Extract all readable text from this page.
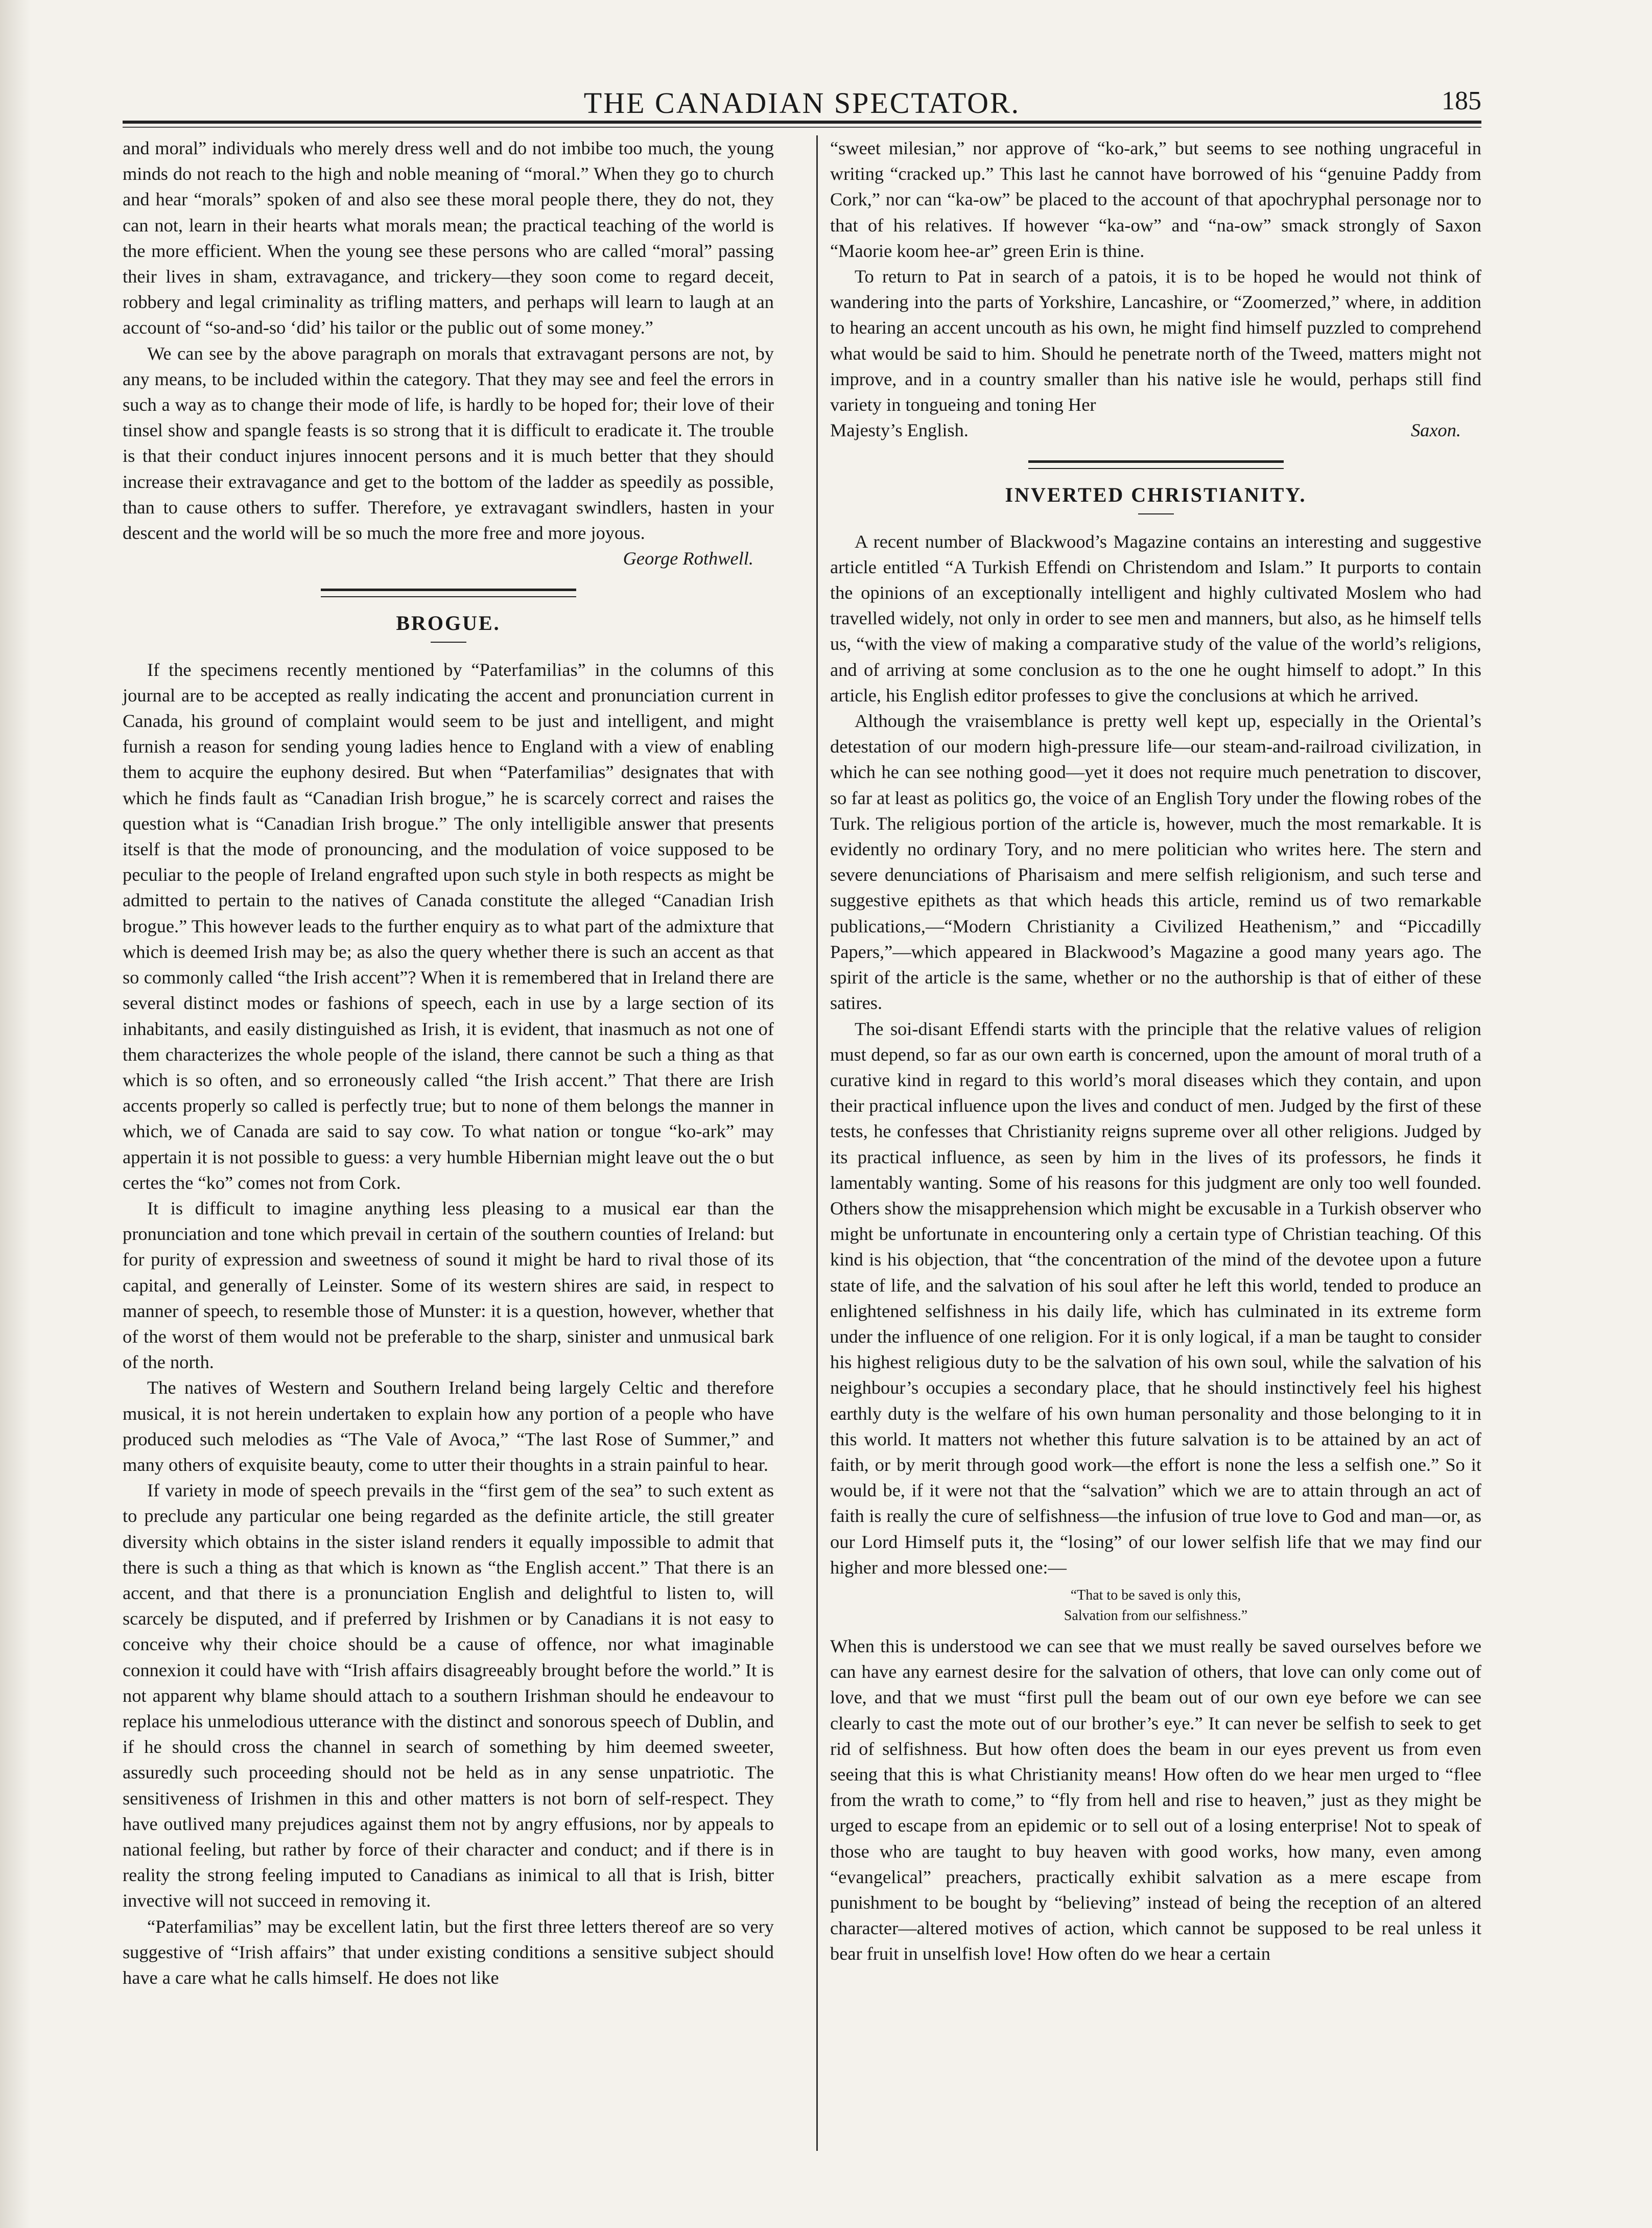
THE CANADIAN SPECTATOR.	185

and moral” individuals who merely dress well and do not imbibe too much, the young minds do not reach to the high and noble meaning of “moral.” When they go to church and hear “morals” spoken of and also see these moral people there, they do not, they can not, learn in their hearts what morals mean; the practical teaching of the world is the more efficient. When the young see these persons who are called “moral” passing their lives in sham, extravagance, and trickery—they soon come to regard deceit, robbery and legal criminality as trifling matters, and perhaps will learn to laugh at an account of “so-and-so ‘did’ his tailor or the public out of some money.”

We can see by the above paragraph on morals that extravagant persons are not, by any means, to be included within the category. That they may see and feel the errors in such a way as to change their mode of life, is hardly to be hoped for; their love of their tinsel show and spangle feasts is so strong that it is difficult to eradicate it. The trouble is that their conduct injures innocent persons and it is much better that they should increase their extravagance and get to the bottom of the ladder as speedily as possible, than to cause others to suffer. Therefore, ye extravagant swindlers, hasten in your descent and the world will be so much the more free and more joyous.

George Rothwell.
BROGUE.

If the specimens recently mentioned by “Paterfamilias” in the columns of this journal are to be accepted as really indicating the accent and pronunciation current in Canada, his ground of complaint would seem to be just and intelligent, and might furnish a reason for sending young ladies hence to England with a view of enabling them to acquire the euphony desired. But when “Paterfamilias” designates that with which he finds fault as “Canadian Irish brogue,” he is scarcely correct and raises the question what is “Canadian Irish brogue.” The only intelligible answer that presents itself is that the mode of pronouncing, and the modulation of voice supposed to be peculiar to the people of Ireland engrafted upon such style in both respects as might be admitted to pertain to the natives of Canada constitute the alleged “Canadian Irish brogue.” This however leads to the further enquiry as to what part of the admixture that which is deemed Irish may be; as also the query whether there is such an accent as that so commonly called “the Irish accent”? When it is remembered that in Ireland there are several distinct modes or fashions of speech, each in use by a large section of its inhabitants, and easily distinguished as Irish, it is evident, that inasmuch as not one of them characterizes the whole people of the island, there cannot be such a thing as that which is so often, and so erroneously called “the Irish accent.” That there are Irish accents properly so called is perfectly true; but to none of them belongs the manner in which, we of Canada are said to say cow. To what nation or tongue “ko-ark” may appertain it is not possible to guess: a very humble Hibernian might leave out the o but certes the “ko” comes not from Cork.

It is difficult to imagine anything less pleasing to a musical ear than the pronunciation and tone which prevail in certain of the southern counties of Ireland: but for purity of expression and sweetness of sound it might be hard to rival those of its capital, and generally of Leinster. Some of its western shires are said, in respect to manner of speech, to resemble those of Munster: it is a question, however, whether that of the worst of them would not be preferable to the sharp, sinister and unmusical bark of the north.

The natives of Western and Southern Ireland being largely Celtic and therefore musical, it is not herein undertaken to explain how any portion of a people who have produced such melodies as “The Vale of Avoca,” “The last Rose of Summer,” and many others of exquisite beauty, come to utter their thoughts in a strain painful to hear.

If variety in mode of speech prevails in the “first gem of the sea” to such extent as to preclude any particular one being regarded as the definite article, the still greater diversity which obtains in the sister island renders it equally impossible to admit that there is such a thing as that which is known as “the English accent.” That there is an accent, and that there is a pronunciation English and delightful to listen to, will scarcely be disputed, and if preferred by Irishmen or by Canadians it is not easy to conceive why their choice should be a cause of offence, nor what imaginable connexion it could have with “Irish affairs disagreeably brought before the world.” It is not apparent why blame should attach to a southern Irishman should he endeavour to replace his unmelodious utterance with the distinct and sonorous speech of Dublin, and if he should cross the channel in search of something by him deemed sweeter, assuredly such proceeding should not be held as in any sense unpatriotic. The sensitiveness of Irishmen in this and other matters is not born of self-respect. They have outlived many prejudices against them not by angry effusions, nor by appeals to national feeling, but rather by force of their character and conduct; and if there is in reality the strong feeling imputed to Canadians as inimical to all that is Irish, bitter invective will not succeed in removing it.

“Paterfamilias” may be excellent latin, but the first three letters thereof are so very suggestive of “Irish affairs” that under existing conditions a sensitive subject should have a care what he calls himself. He does not like

“sweet milesian,” nor approve of “ko-ark,” but seems to see nothing ungraceful in writing “cracked up.” This last he cannot have borrowed of his “genuine Paddy from Cork,” nor can “ka-ow” be placed to the account of that apochryphal personage nor to that of his relatives. If however “ka-ow” and “na-ow” smack strongly of Saxon “Maorie koom hee-ar” green Erin is thine.

To return to Pat in search of a patois, it is to be hoped he would not think of wandering into the parts of Yorkshire, Lancashire, or “Zoomerzed,” where, in addition to hearing an accent uncouth as his own, he might find himself puzzled to comprehend what would be said to him. Should he penetrate north of the Tweed, matters might not improve, and in a country smaller than his native isle he would, perhaps still find variety in tongueing and toning Her

Majesty’s English.	Saxon.
INVERTED CHRISTIANITY.

A recent number of Blackwood’s Magazine contains an interesting and suggestive article entitled “A Turkish Effendi on Christendom and Islam.” It purports to contain the opinions of an exceptionally intelligent and highly cultivated Moslem who had travelled widely, not only in order to see men and manners, but also, as he himself tells us, “with the view of making a comparative study of the value of the world’s religions, and of arriving at some conclusion as to the one he ought himself to adopt.” In this article, his English editor professes to give the conclusions at which he arrived.

Although the vraisemblance is pretty well kept up, especially in the Oriental’s detestation of our modern high-pressure life—our steam-and-railroad civilization, in which he can see nothing good—yet it does not require much penetration to discover, so far at least as politics go, the voice of an English Tory under the flowing robes of the Turk. The religious portion of the article is, however, much the most remarkable. It is evidently no ordinary Tory, and no mere politician who writes here. The stern and severe denunciations of Pharisaism and mere selfish religionism, and such terse and suggestive epithets as that which heads this article, remind us of two remarkable publications,—“Modern Christianity a Civilized Heathenism,” and “Piccadilly Papers,”—which appeared in Blackwood’s Magazine a good many years ago. The spirit of the article is the same, whether or no the authorship is that of either of these satires.

The soi-disant Effendi starts with the principle that the relative values of religion must depend, so far as our own earth is concerned, upon the amount of moral truth of a curative kind in regard to this world’s moral diseases which they contain, and upon their practical influence upon the lives and conduct of men. Judged by the first of these tests, he confesses that Christianity reigns supreme over all other religions. Judged by its practical influence, as seen by him in the lives of its professors, he finds it lamentably wanting. Some of his reasons for this judgment are only too well founded. Others show the misapprehension which might be excusable in a Turkish observer who might be unfortunate in encountering only a certain type of Christian teaching. Of this kind is his objection, that “the concentration of the mind of the devotee upon a future state of life, and the salvation of his soul after he left this world, tended to produce an enlightened selfishness in his daily life, which has culminated in its extreme form under the influence of one religion. For it is only logical, if a man be taught to consider his highest religious duty to be the salvation of his own soul, while the salvation of his neighbour’s occupies a secondary place, that he should instinctively feel his highest earthly duty is the welfare of his own human personality and those belonging to it in this world. It matters not whether this future salvation is to be attained by an act of faith, or by merit through good work—the effort is none the less a selfish one.” So it would be, if it were not that the “salvation” which we are to attain through an act of faith is really the cure of selfishness—the infusion of true love to God and man—or, as our Lord Himself puts it, the “losing” of our lower selfish life that we may find our higher and more blessed one:—

“That to be saved is only this,
Salvation from our selfishness.”

When this is understood we can see that we must really be saved ourselves before we can have any earnest desire for the salvation of others, that love can only come out of love, and that we must “first pull the beam out of our own eye before we can see clearly to cast the mote out of our brother’s eye.” It can never be selfish to seek to get rid of selfishness. But how often does the beam in our eyes prevent us from even seeing that this is what Christianity means! How often do we hear men urged to “flee from the wrath to come,” to “fly from hell and rise to heaven,” just as they might be urged to escape from an epidemic or to sell out of a losing enterprise! Not to speak of those who are taught to buy heaven with good works, how many, even among “evangelical” preachers, practically exhibit salvation as a mere escape from punishment to be bought by “believing” instead of being the reception of an altered character—altered motives of action, which cannot be supposed to be real unless it bear fruit in unselfish love! How often do we hear a certain
